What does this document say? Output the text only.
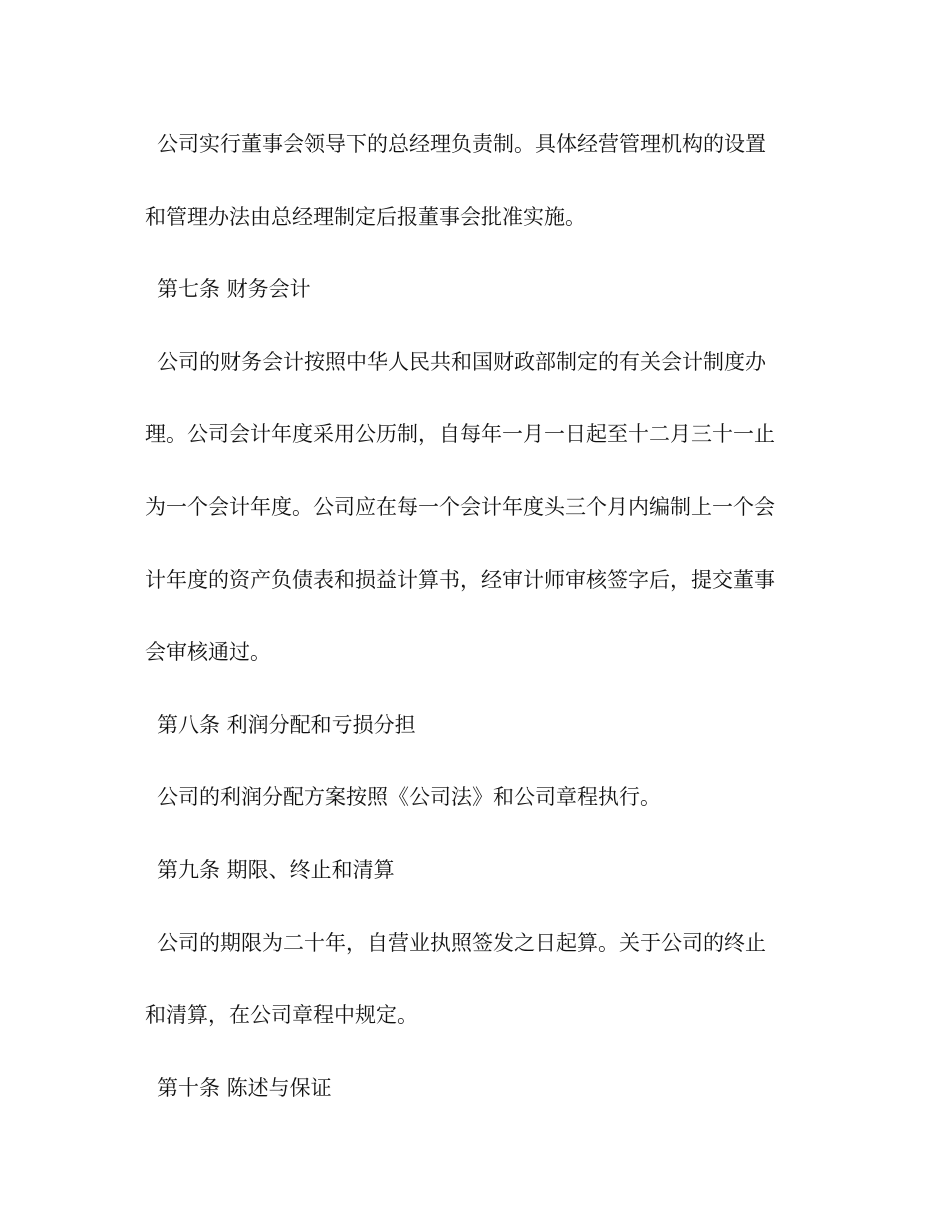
公司实行董事会领导下的总经理负责制。具体经营管理机构的设置
和管理办法由总经理制定后报董事会批准实施。
第七条 财务会计
公司的财务会计按照中华人民共和国财政部制定的有关会计制度办
理。公司会计年度采用公历制，自每年一月一日起至十二月三十一止
为一个会计年度。公司应在每一个会计年度头三个月内编制上一个会
计年度的资产负债表和损益计算书，经审计师审核签字后，提交董事
会审核通过。
第八条 利润分配和亏损分担
公司的利润分配方案按照《公司法》和公司章程执行。
第九条 期限、终止和清算
公司的期限为二十年，自营业执照签发之日起算。关于公司的终止
和清算，在公司章程中规定。
第十条 陈述与保证
